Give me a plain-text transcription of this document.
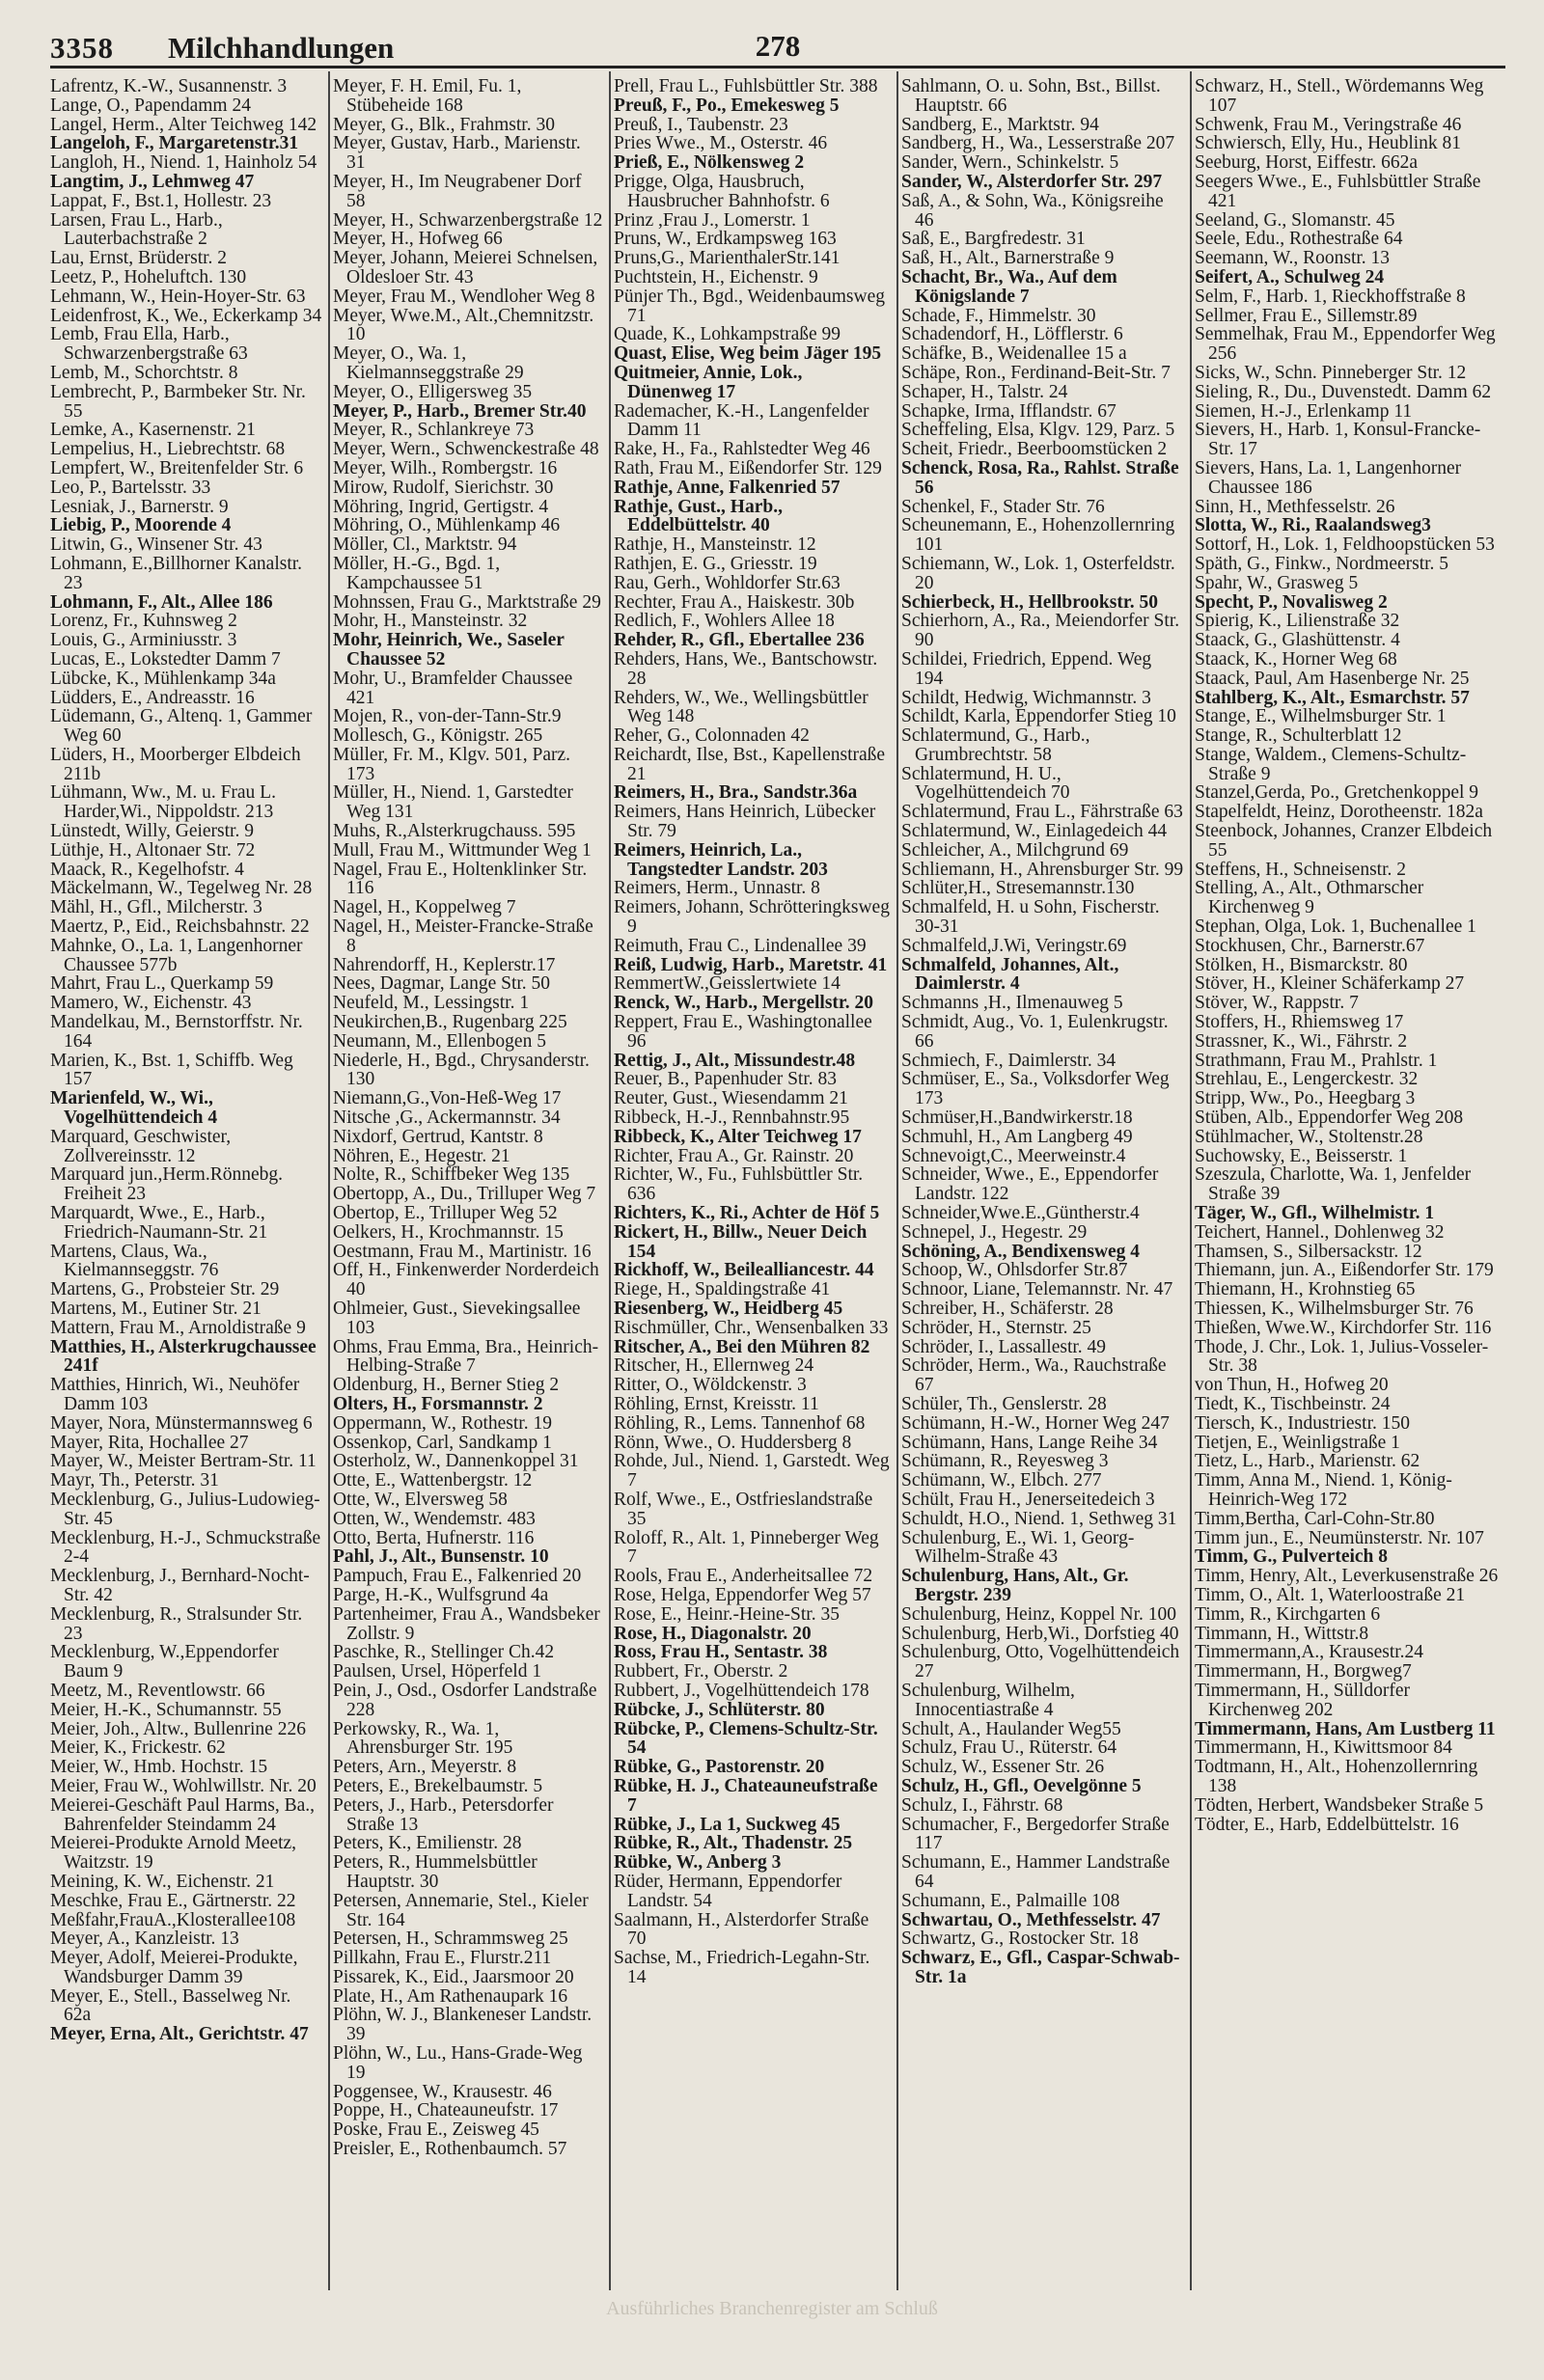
3358 Milchhandlungen	278

Lafrentz, K.-W., Susannenstr. 3

Lange, O., Papendamm 24

Langel, Herm., Alter Teichweg 142

Langeloh, F., Margaretenstr.31

Langloh, H., Niend. 1, Hainholz 54

Langtim, J., Lehmweg 47

Lappat, F., Bst.1, Hollestr. 23

Larsen, Frau L., Harb., Lauterbachstraße 2

Lau, Ernst, Brüderstr. 2

Leetz, P., Hoheluftch. 130

Lehmann, W., Hein-Hoyer-Str. 63

Leidenfrost, K., We., Eckerkamp 34

Lemb, Frau Ella, Harb., Schwarzenbergstraße 63

Lemb, M., Schorchtstr. 8

Lembrecht, P., Barmbeker Str. Nr. 55

Lemke, A., Kasernenstr. 21

Lempelius, H., Liebrechtstr. 68

Lempfert, W., Breitenfelder Str. 6

Leo, P., Bartelsstr. 33

Lesniak, J., Barnerstr. 9

Liebig, P., Moorende 4

Litwin, G., Winsener Str. 43

Lohmann, E.,Billhorner Kanalstr. 23

Lohmann, F., Alt., Allee 186

Lorenz, Fr., Kuhnsweg 2

Louis, G., Arminiusstr. 3

Lucas, E., Lokstedter Damm 7

Lübcke, K., Mühlenkamp 34a

Lüdders, E., Andreasstr. 16

Lüdemann, G., Altenq. 1, Gammer Weg 60

Lüders, H., Moorberger Elbdeich 211b

Lühmann, Ww., M. u. Frau L. Harder,Wi., Nippoldstr. 213

Lünstedt, Willy, Geierstr. 9

Lüthje, H., Altonaer Str. 72

Maack, R., Kegelhofstr. 4

Mäckelmann, W., Tegelweg Nr. 28

Mähl, H., Gfl., Milcherstr. 3

Maertz, P., Eid., Reichsbahnstr. 22

Mahnke, O., La. 1, Langenhorner Chaussee 577b

Mahrt, Frau L., Querkamp 59

Mamero, W., Eichenstr. 43

Mandelkau, M., Bernstorffstr. Nr. 164

Marien, K., Bst. 1, Schiffb. Weg 157

Marienfeld, W., Wi., Vogelhüttendeich 4

Marquard, Geschwister, Zollvereinsstr. 12

Marquard jun.,Herm.Rönnebg. Freiheit 23

Marquardt, Wwe., E., Harb., Friedrich-Naumann-Str. 21

Martens, Claus, Wa., Kielmannseggstr. 76

Martens, G., Probsteier Str. 29

Martens, M., Eutiner Str. 21

Mattern, Frau M., Arnoldistraße 9

Matthies, H., Alsterkrugchaussee 241f

Matthies, Hinrich, Wi., Neuhöfer Damm 103

Mayer, Nora, Münstermannsweg 6

Mayer, Rita, Hochallee 27

Mayer, W., Meister Bertram-Str. 11

Mayr, Th., Peterstr. 31

Mecklenburg, G., Julius-Ludowieg-Str. 45

Mecklenburg, H.-J., Schmuckstraße 2-4

Mecklenburg, J., Bernhard-Nocht-Str. 42

Mecklenburg, R., Stralsunder Str. 23

Mecklenburg, W.,Eppendorfer Baum 9

Meetz, M., Reventlowstr. 66

Meier, H.-K., Schumannstr. 55

Meier, Joh., Altw., Bullenrine 226

Meier, K., Frickestr. 62

Meier, W., Hmb. Hochstr. 15

Meier, Frau W., Wohlwillstr. Nr. 20

Meierei-Geschäft Paul Harms, Ba., Bahrenfelder Steindamm 24

Meierei-Produkte Arnold Meetz, Waitzstr. 19

Meining, K. W., Eichenstr. 21

Meschke, Frau E., Gärtnerstr. 22

Meßfahr,FrauA.,Klosterallee108

Meyer, A., Kanzleistr. 13

Meyer, Adolf, Meierei-Produkte, Wandsburger Damm 39

Meyer, E., Stell., Basselweg Nr. 62a

Meyer, Erna, Alt., Gerichtstr. 47

Meyer, F. H. Emil, Fu. 1, Stübeheide 168

Meyer, G., Blk., Frahmstr. 30

Meyer, Gustav, Harb., Marienstr. 31

Meyer, H., Im Neugrabener Dorf 58

Meyer, H., Schwarzenbergstraße 12

Meyer, H., Hofweg 66

Meyer, Johann, Meierei Schnelsen, Oldesloer Str. 43

Meyer, Frau M., Wendloher Weg 8

Meyer, Wwe.M., Alt.,Chemnitzstr. 10

Meyer, O., Wa. 1, Kielmannseggstraße 29

Meyer, O., Elligersweg 35

Meyer, P., Harb., Bremer Str.40

Meyer, R., Schlankreye 73

Meyer, Wern., Schwenckestraße 48

Meyer, Wilh., Rombergstr. 16

Mirow, Rudolf, Sierichstr. 30

Möhring, Ingrid, Gertigstr. 4

Möhring, O., Mühlenkamp 46

Möller, Cl., Marktstr. 94

Möller, H.-G., Bgd. 1, Kampchaussee 51

Mohnssen, Frau G., Marktstraße 29

Mohr, H., Mansteinstr. 32

Mohr, Heinrich, We., Saseler Chaussee 52

Mohr, U., Bramfelder Chaussee 421

Mojen, R., von-der-Tann-Str.9

Mollesch, G., Königstr. 265

Müller, Fr. M., Klgv. 501, Parz. 173

Müller, H., Niend. 1, Garstedter Weg 131

Muhs, R.,Alsterkrugchauss. 595

Mull, Frau M., Wittmunder Weg 1

Nagel, Frau E., Holtenklinker Str. 116

Nagel, H., Koppelweg 7

Nagel, H., Meister-Francke-Straße 8

Nahrendorff, H., Keplerstr.17

Nees, Dagmar, Lange Str. 50

Neufeld, M., Lessingstr. 1

Neukirchen,B., Rugenbarg 225

Neumann, M., Ellenbogen 5

Niederle, H., Bgd., Chrysanderstr. 130

Niemann,G.,Von-Heß-Weg 17

Nitsche ,G., Ackermannstr. 34

Nixdorf, Gertrud, Kantstr. 8

Nöhren, E., Hegestr. 21

Nolte, R., Schiffbeker Weg 135

Obertopp, A., Du., Trilluper Weg 7

Obertop, E., Trilluper Weg 52

Oelkers, H., Krochmannstr. 15

Oestmann, Frau M., Martinistr. 16

Off, H., Finkenwerder Norderdeich 40

Ohlmeier, Gust., Sievekingsallee 103

Ohms, Frau Emma, Bra., Heinrich-Helbing-Straße 7

Oldenburg, H., Berner Stieg 2

Olters, H., Forsmannstr. 2

Oppermann, W., Rothestr. 19

Ossenkop, Carl, Sandkamp 1

Osterholz, W., Dannenkoppel 31

Otte, E., Wattenbergstr. 12

Otte, W., Elversweg 58

Otten, W., Wendemstr. 483

Otto, Berta, Hufnerstr. 116

Pahl, J., Alt., Bunsenstr. 10

Pampuch, Frau E., Falkenried 20

Parge, H.-K., Wulfsgrund 4a

Partenheimer, Frau A., Wandsbeker Zollstr. 9

Paschke, R., Stellinger Ch.42

Paulsen, Ursel, Höperfeld 1

Pein, J., Osd., Osdorfer Landstraße 228

Perkowsky, R., Wa. 1, Ahrensburger Str. 195

Peters, Arn., Meyerstr. 8

Peters, E., Brekelbaumstr. 5

Peters, J., Harb., Petersdorfer Straße 13

Peters, K., Emilienstr. 28

Peters, R., Hummelsbüttler Hauptstr. 30

Petersen, Annemarie, Stel., Kieler Str. 164

Petersen, H., Schrammsweg 25

Pillkahn, Frau E., Flurstr.211

Pissarek, K., Eid., Jaarsmoor 20

Plate, H., Am Rathenaupark 16

Plöhn, W. J., Blankeneser Landstr. 39

Plöhn, W., Lu., Hans-Grade-Weg 19

Poggensee, W., Krausestr. 46

Poppe, H., Chateauneufstr. 17

Poske, Frau E., Zeisweg 45

Preisler, E., Rothenbaumch. 57

Prell, Frau L., Fuhlsbüttler Str. 388

Preuß, F., Po., Emekesweg 5

Preuß, I., Taubenstr. 23

Pries Wwe., M., Osterstr. 46

Prieß, E., Nölkensweg 2

Prigge, Olga, Hausbruch, Hausbrucher Bahnhofstr. 6

Prinz ,Frau J., Lomerstr. 1

Pruns, W., Erdkampsweg 163

Pruns,G., MarienthalerStr.141

Puchtstein, H., Eichenstr. 9

Pünjer Th., Bgd., Weidenbaumsweg 71

Quade, K., Lohkampstraße 99

Quast, Elise, Weg beim Jäger 195

Quitmeier, Annie, Lok., Dünenweg 17

Rademacher, K.-H., Langenfelder Damm 11

Rake, H., Fa., Rahlstedter Weg 46

Rath, Frau M., Eißendorfer Str. 129

Rathje, Anne, Falkenried 57

Rathje, Gust., Harb., Eddelbüttelstr. 40

Rathje, H., Mansteinstr. 12

Rathjen, E. G., Griesstr. 19

Rau, Gerh., Wohldorfer Str.63

Rechter, Frau A., Haiskestr. 30b

Redlich, F., Wohlers Allee 18

Rehder, R., Gfl., Ebertallee 236

Rehders, Hans, We., Bantschowstr. 28

Rehders, W., We., Wellingsbüttler Weg 148

Reher, G., Colonnaden 42

Reichardt, Ilse, Bst., Kapellenstraße 21

Reimers, H., Bra., Sandstr.36a

Reimers, Hans Heinrich, Lübecker Str. 79

Reimers, Heinrich, La., Tangstedter Landstr. 203

Reimers, Herm., Unnastr. 8

Reimers, Johann, Schrötteringksweg 9

Reimuth, Frau C., Lindenallee 39

Reiß, Ludwig, Harb., Maretstr. 41

RemmertW.,Geisslertwiete 14

Renck, W., Harb., Mergellstr. 20

Reppert, Frau E., Washingtonallee 96

Rettig, J., Alt., Missundestr.48

Reuer, B., Papenhuder Str. 83

Reuter, Gust., Wiesendamm 21

Ribbeck, H.-J., Rennbahnstr.95

Ribbeck, K., Alter Teichweg 17

Richter, Frau A., Gr. Rainstr. 20

Richter, W., Fu., Fuhlsbüttler Str. 636

Richters, K., Ri., Achter de Höf 5

Rickert, H., Billw., Neuer Deich 154

Rickhoff, W., Beilealliancestr. 44

Riege, H., Spaldingstraße 41

Riesenberg, W., Heidberg 45

Rischmüller, Chr., Wensenbalken 33

Ritscher, A., Bei den Mühren 82

Ritscher, H., Ellernweg 24

Ritter, O., Wöldckenstr. 3

Röhling, Ernst, Kreisstr. 11

Röhling, R., Lems. Tannenhof 68

Rönn, Wwe., O. Huddersberg 8

Rohde, Jul., Niend. 1, Garstedt. Weg 7

Rolf, Wwe., E., Ostfrieslandstraße 35

Roloff, R., Alt. 1, Pinneberger Weg 7

Rools, Frau E., Anderheitsallee 72

Rose, Helga, Eppendorfer Weg 57

Rose, E., Heinr.-Heine-Str. 35

Rose, H., Diagonalstr. 20

Ross, Frau H., Sentastr. 38

Rubbert, Fr., Oberstr. 2

Rubbert, J., Vogelhüttendeich 178

Rübcke, J., Schlüterstr. 80

Rübcke, P., Clemens-Schultz-Str. 54

Rübke, G., Pastorenstr. 20

Rübke, H. J., Chateauneufstraße 7

Rübke, J., La 1, Suckweg 45

Rübke, R., Alt., Thadenstr. 25

Rübke, W., Anberg 3

Rüder, Hermann, Eppendorfer Landstr. 54

Saalmann, H., Alsterdorfer Straße 70

Sachse, M., Friedrich-Legahn-Str. 14

Sahlmann, O. u. Sohn, Bst., Billst. Hauptstr. 66

Sandberg, E., Marktstr. 94

Sandberg, H., Wa., Lesserstraße 207

Sander, Wern., Schinkelstr. 5

Sander, W., Alsterdorfer Str. 297

Saß, A., & Sohn, Wa., Königsreihe 46

Saß, E., Bargfredestr. 31

Saß, H., Alt., Barnerstraße 9

Schacht, Br., Wa., Auf dem Königslande 7

Schade, F., Himmelstr. 30

Schadendorf, H., Löfflerstr. 6

Schäfke, B., Weidenallee 15 a

Schäpe, Ron., Ferdinand-Beit-Str. 7

Schaper, H., Talstr. 24

Schapke, Irma, Ifflandstr. 67

Scheffeling, Elsa, Klgv. 129, Parz. 5

Scheit, Friedr., Beerboomstücken 2

Schenck, Rosa, Ra., Rahlst. Straße 56

Schenkel, F., Stader Str. 76

Scheunemann, E., Hohenzollernring 101

Schiemann, W., Lok. 1, Osterfeldstr. 20

Schierbeck, H., Hellbrookstr. 50

Schierhorn, A., Ra., Meiendorfer Str. 90

Schildei, Friedrich, Eppend. Weg 194

Schildt, Hedwig, Wichmannstr. 3

Schildt, Karla, Eppendorfer Stieg 10

Schlatermund, G., Harb., Grumbrechtstr. 58

Schlatermund, H. U., Vogelhüttendeich 70

Schlatermund, Frau L., Fährstraße 63

Schlatermund, W., Einlagedeich 44

Schleicher, A., Milchgrund 69

Schliemann, H., Ahrensburger Str. 99

Schlüter,H., Stresemannstr.130

Schmalfeld, H. u Sohn, Fischerstr. 30-31

Schmalfeld,J.Wi, Veringstr.69

Schmalfeld, Johannes, Alt., Daimlerstr. 4

Schmanns ,H., Ilmenauweg 5

Schmidt, Aug., Vo. 1, Eulenkrugstr. 66

Schmiech, F., Daimlerstr. 34

Schmüser, E., Sa., Volksdorfer Weg 173

Schmüser,H.,Bandwirkerstr.18

Schmuhl, H., Am Langberg 49

Schnevoigt,C., Meerweinstr.4

Schneider, Wwe., E., Eppendorfer Landstr. 122

Schneider,Wwe.E.,Güntherstr.4

Schnepel, J., Hegestr. 29

Schöning, A., Bendixensweg 4

Schoop, W., Ohlsdorfer Str.87

Schnoor, Liane, Telemannstr. Nr. 47

Schreiber, H., Schäferstr. 28

Schröder, H., Sternstr. 25

Schröder, I., Lassallestr. 49

Schröder, Herm., Wa., Rauchstraße 67

Schüler, Th., Genslerstr. 28

Schümann, H.-W., Horner Weg 247

Schümann, Hans, Lange Reihe 34

Schümann, R., Reyesweg 3

Schümann, W., Elbch. 277

Schült, Frau H., Jenerseitedeich 3

Schuldt, H.O., Niend. 1, Sethweg 31

Schulenburg, E., Wi. 1, Georg-Wilhelm-Straße 43

Schulenburg, Hans, Alt., Gr. Bergstr. 239

Schulenburg, Heinz, Koppel Nr. 100

Schulenburg, Herb,Wi., Dorfstieg 40

Schulenburg, Otto, Vogelhüttendeich 27

Schulenburg, Wilhelm, Innocentiastraße 4

Schult, A., Haulander Weg55

Schulz, Frau U., Rüterstr. 64

Schulz, W., Essener Str. 26

Schulz, H., Gfl., Oevelgönne 5

Schulz, I., Fährstr. 68

Schumacher, F., Bergedorfer Straße 117

Schumann, E., Hammer Landstraße 64

Schumann, E., Palmaille 108

Schwartau, O., Methfesselstr. 47

Schwartz, G., Rostocker Str. 18

Schwarz, E., Gfl., Caspar-Schwab-Str. 1a

Schwarz, H., Stell., Wördemanns Weg 107

Schwenk, Frau M., Veringstraße 46

Schwiersch, Elly, Hu., Heublink 81

Seeburg, Horst, Eiffestr. 662a

Seegers Wwe., E., Fuhlsbüttler Straße 421

Seeland, G., Slomanstr. 45

Seele, Edu., Rothestraße 64

Seemann, W., Roonstr. 13

Seifert, A., Schulweg 24

Selm, F., Harb. 1, Rieckhoffstraße 8

Sellmer, Frau E., Sillemstr.89

Semmelhak, Frau M., Eppendorfer Weg 256

Sicks, W., Schn. Pinneberger Str. 12

Sieling, R., Du., Duvenstedt. Damm 62

Siemen, H.-J., Erlenkamp 11

Sievers, H., Harb. 1, Konsul-Francke-Str. 17

Sievers, Hans, La. 1, Langenhorner Chaussee 186

Sinn, H., Methfesselstr. 26

Slotta, W., Ri., Raalandsweg3

Sottorf, H., Lok. 1, Feldhoopstücken 53

Späth, G., Finkw., Nordmeerstr. 5

Spahr, W., Grasweg 5

Specht, P., Novalisweg 2

Spierig, K., Lilienstraße 32

Staack, G., Glashüttenstr. 4

Staack, K., Horner Weg 68

Staack, Paul, Am Hasenberge Nr. 25

Stahlberg, K., Alt., Esmarchstr. 57

Stange, E., Wilhelmsburger Str. 1

Stange, R., Schulterblatt 12

Stange, Waldem., Clemens-Schultz-Straße 9

Stanzel,Gerda, Po., Gretchenkoppel 9

Stapelfeldt, Heinz, Dorotheenstr. 182a

Steenbock, Johannes, Cranzer Elbdeich 55

Steffens, H., Schneisenstr. 2

Stelling, A., Alt., Othmarscher Kirchenweg 9

Stephan, Olga, Lok. 1, Buchenallee 1

Stockhusen, Chr., Barnerstr.67

Stölken, H., Bismarckstr. 80

Stöver, H., Kleiner Schäferkamp 27

Stöver, W., Rappstr. 7

Stoffers, H., Rhiemsweg 17

Strassner, K., Wi., Fährstr. 2

Strathmann, Frau M., Prahlstr. 1

Strehlau, E., Lengerckestr. 32

Stripp, Ww., Po., Heegbarg 3

Stüben, Alb., Eppendorfer Weg 208

Stühlmacher, W., Stoltenstr.28

Suchowsky, E., Beisserstr. 1

Szeszula, Charlotte, Wa. 1, Jenfelder Straße 39

Täger, W., Gfl., Wilhelmistr. 1

Teichert, Hannel., Dohlenweg 32

Thamsen, S., Silbersackstr. 12

Thiemann, jun. A., Eißendorfer Str. 179

Thiemann, H., Krohnstieg 65

Thiessen, K., Wilhelmsburger Str. 76

Thießen, Wwe.W., Kirchdorfer Str. 116

Thode, J. Chr., Lok. 1, Julius-Vosseler-Str. 38

von Thun, H., Hofweg 20

Tiedt, K., Tischbeinstr. 24

Tiersch, K., Industriestr. 150

Tietjen, E., Weinligstraße 1

Tietz, L., Harb., Marienstr. 62

Timm, Anna M., Niend. 1, König-Heinrich-Weg 172

Timm,Bertha, Carl-Cohn-Str.80

Timm jun., E., Neumünsterstr. Nr. 107

Timm, G., Pulverteich 8

Timm, Henry, Alt., Leverkusenstraße 26

Timm, O., Alt. 1, Waterloostraße 21

Timm, R., Kirchgarten 6

Timmann, H., Wittstr.8

Timmermann,A., Krausestr.24

Timmermann, H., Borgweg7

Timmermann, H., Sülldorfer Kirchenweg 202

Timmermann, Hans, Am Lustberg 11

Timmermann, H., Kiwittsmoor 84

Todtmann, H., Alt., Hohenzollernring 138

Tödten, Herbert, Wandsbeker Straße 5

Tödter, E., Harb, Eddelbüttelstr. 16

Ausführliches Branchenregister am Schluß
